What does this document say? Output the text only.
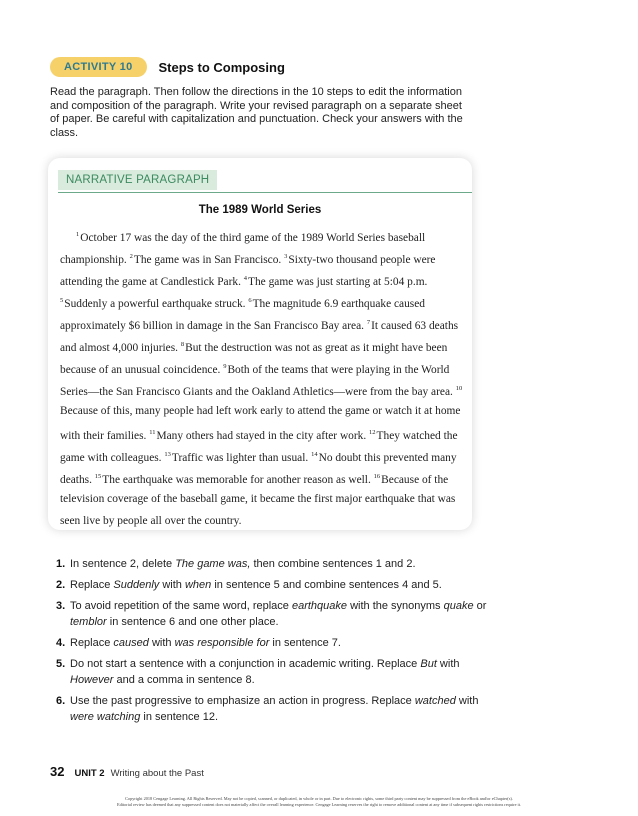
ACTIVITY 10	Steps to Composing

Read the paragraph. Then follow the directions in the 10 steps to edit the information and composition of the paragraph. Write your revised paragraph on a separate sheet of paper. Be careful with capitalization and punctuation. Check your answers with the class.

NARRATIVE PARAGRAPH
The 1989 World Series
$^1$October 17 was the day of the third game of the 1989 World Series baseball
championship. $^2$The game was in San Francisco. $^3$Sixty-two thousand people were
attending the game at Candlestick Park. $^4$The game was just starting at 5:04 p.m.
$^5$Suddenly a powerful earthquake struck. $^6$The magnitude 6.9 earthquake caused
approximately $6 billion in damage in the San Francisco Bay area. $^7$It caused 63 deaths
and almost 4,000 injuries. $^8$But the destruction was not as great as it might have been
because of an unusual coincidence. $^9$Both of the teams that were playing in the World
Series—the San Francisco Giants and the Oakland Athletics—were from the bay area. $^{10}$
Because of this, many people had left work early to attend the game or watch it at home
with their families. $^{11}$Many others had stayed in the city after work. $^{12}$They watched the
game with colleagues. $^{13}$Traffic was lighter than usual. $^{14}$No doubt this prevented many
deaths. $^{15}$The earthquake was memorable for another reason as well. $^{16}$Because of the
television coverage of the baseball game, it became the first major earthquake that was
seen live by people all over the country.
1. In sentence 2, delete The game was, then combine sentences 1 and 2.
2. Replace Suddenly with when in sentence 5 and combine sentences 4 and 5.
3. To avoid repetition of the same word, replace earthquake with the synonyms quake or temblor in sentence 6 and one other place.
4. Replace caused with was responsible for in sentence 7.
5. Do not start a sentence with a conjunction in academic writing. Replace But with However and a comma in sentence 8.
6. Use the past progressive to emphasize an action in progress. Replace watched with were watching in sentence 12.
32 UNIT 2 Writing about the Past
Copyright 2018 Cengage Learning. All Rights Reserved. May not be copied, scanned, or duplicated, in whole or in part. Due to electronic rights, some third party content may be suppressed from the eBook and/or eChapter(s).
Editorial review has deemed that any suppressed content does not materially affect the overall learning experience. Cengage Learning reserves the right to remove additional content at any time if subsequent rights restrictions require it.
